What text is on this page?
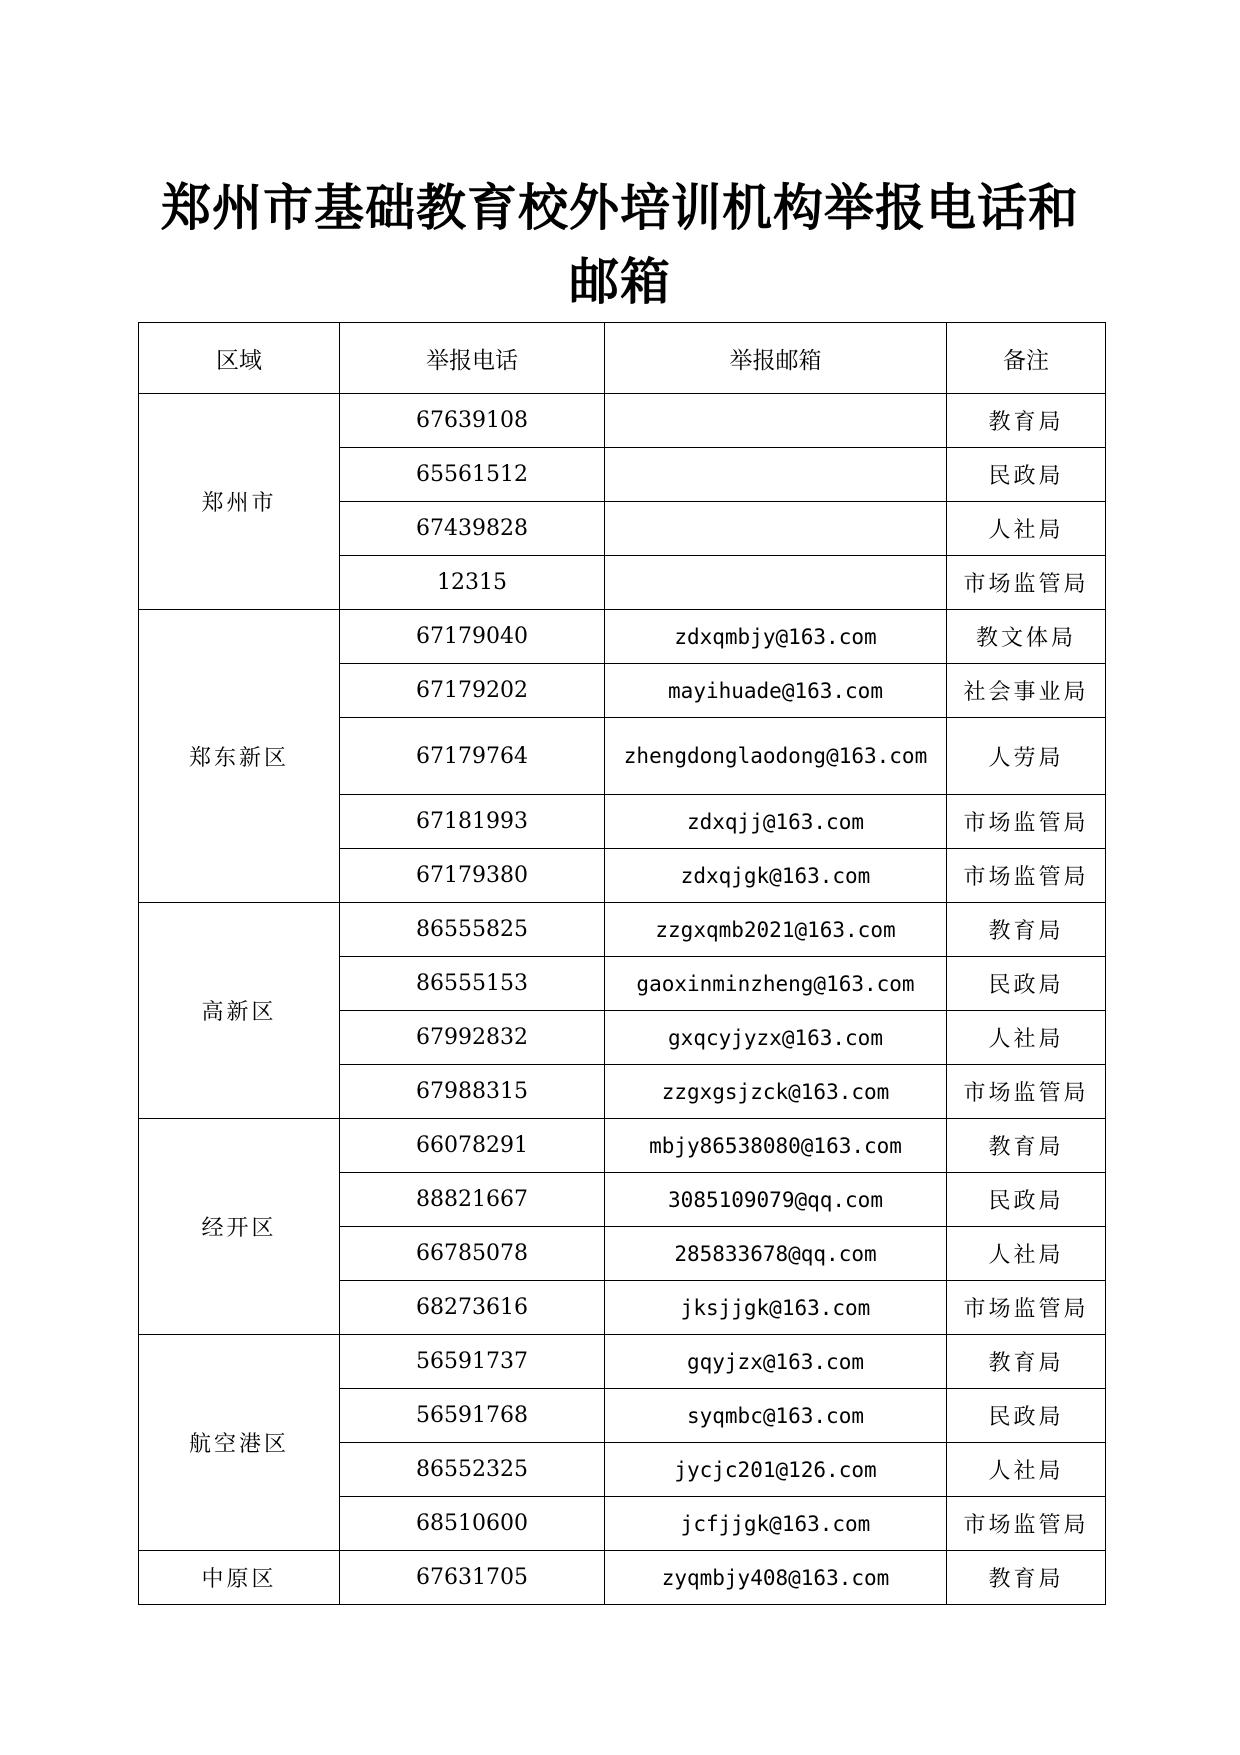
郑州市基础教育校外培训机构举报电话和
邮箱
区域	举报电话	举报邮箱	备注
郑州市	67639108		教育局
	65561512		民政局
	67439828		人社局
	12315		市场监管局
郑东新区	67179040	zdxqmbjy@163.com	教文体局
	67179202	mayihuade@163.com	社会事业局
	67179764	zhengdonglaodong@163.com	人劳局
	67181993	zdxqjj@163.com	市场监管局
	67179380	zdxqjgk@163.com	市场监管局
高新区	86555825	zzgxqmb2021@163.com	教育局
	86555153	gaoxinminzheng@163.com	民政局
	67992832	gxqcyjyzx@163.com	人社局
	67988315	zzgxgsjzck@163.com	市场监管局
经开区	66078291	mbjy86538080@163.com	教育局
	88821667	3085109079@qq.com	民政局
	66785078	285833678@qq.com	人社局
	68273616	jksjjgk@163.com	市场监管局
航空港区	56591737	gqyjzx@163.com	教育局
	56591768	syqmbc@163.com	民政局
	86552325	jycjc201@126.com	人社局
	68510600	jcfjjgk@163.com	市场监管局
中原区	67631705	zyqmbjy408@163.com	教育局
